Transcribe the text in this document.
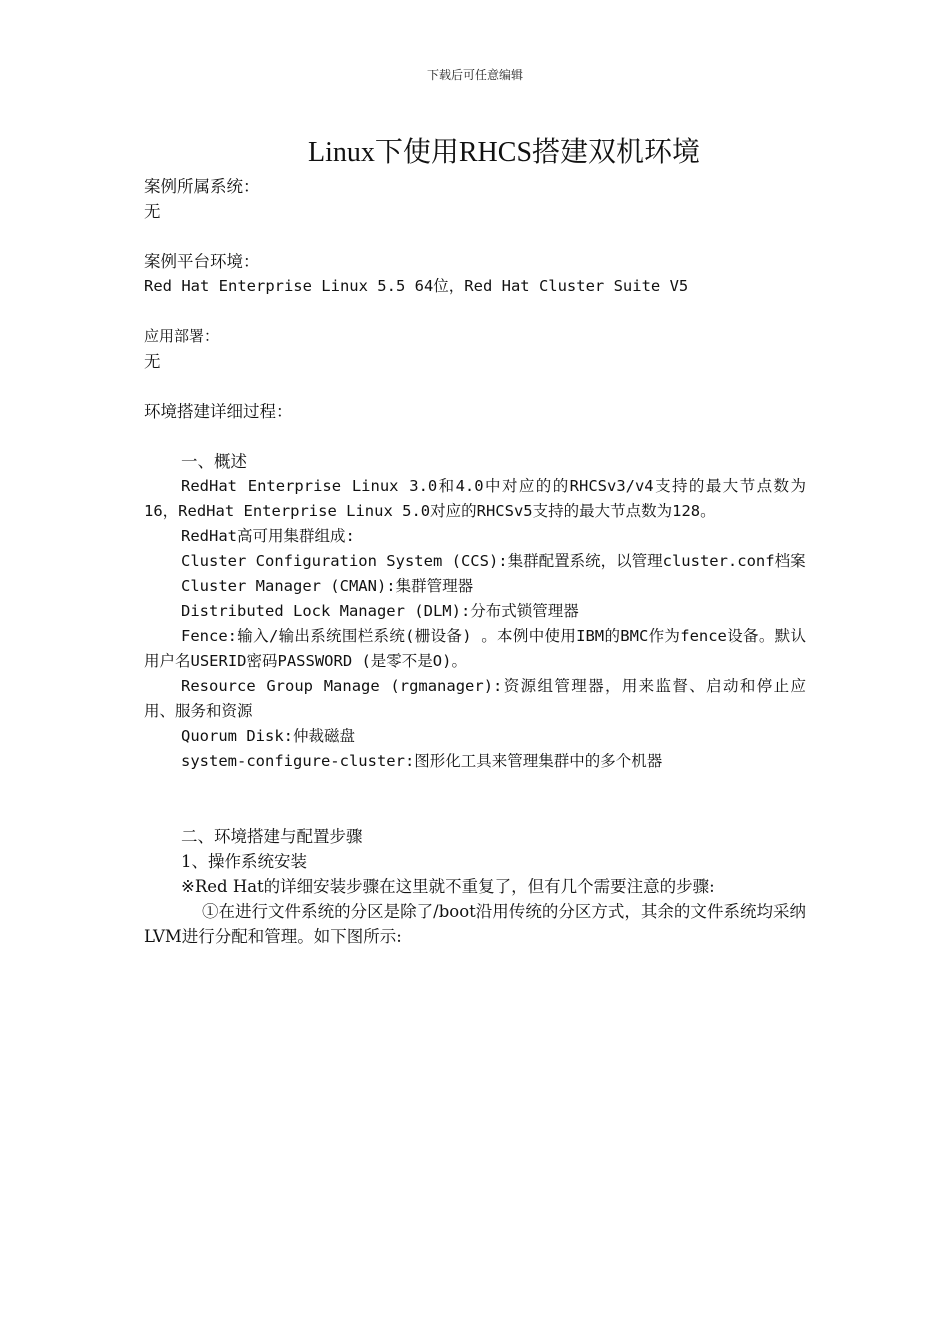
下载后可任意编辑
Linux下使用RHCS搭建双机环境
案例所属系统：
无
案例平台环境：
Red Hat Enterprise Linux 5.5 64位，Red Hat Cluster Suite V5
应用部署：
无
环境搭建详细过程：
一、概述
RedHat Enterprise Linux 3.0和4.0中对应的的RHCSv3/v4支持的最大节点数为16，RedHat Enterprise Linux 5.0对应的RHCSv5支持的最大节点数为128。
RedHat高可用集群组成:
Cluster Configuration System (CCS):集群配置系统，以管理cluster.conf档案
Cluster Manager (CMAN):集群管理器
Distributed Lock Manager (DLM):分布式锁管理器
Fence:输入/输出系统围栏系统(栅设备) 。本例中使用IBM的BMC作为fence设备。默认用户名USERID密码PASSWORD (是零不是O)。
Resource Group Manage (rgmanager):资源组管理器，用来监督、启动和停止应用、服务和资源
Quorum Disk:仲裁磁盘
system-configure-cluster:图形化工具来管理集群中的多个机器
二、环境搭建与配置步骤
1、操作系统安装
※Red Hat的详细安装步骤在这里就不重复了，但有几个需要注意的步骤:
①在进行文件系统的分区是除了/boot沿用传统的分区方式，其余的文件系统均采纳LVM进行分配和管理。如下图所示:
